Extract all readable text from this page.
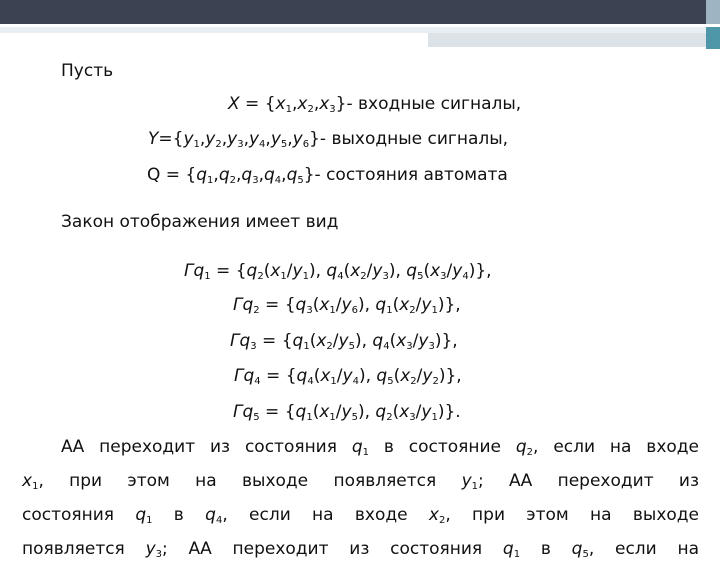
Пусть
$X = \{x_1,x_2,x_3\}-$ входные сигналы,
$Y=\{y_1,y_2,y_3,y_4,y_5,y_6\}-$ выходные сигналы,
$Q = \{q_1,q_2,q_3,q_4,q_5\}-$ состояния автомата
Закон отображения имеет вид
$\Gamma q_1 = \{q_2(x_1/y_1)$, $q_4(x_2/y_3)$, $q_5(x_3/y_4)$},
$\Gamma q_2 = \{q_3(x_1/y_6)$, $q_1(x_2/y_1)$},
$\Gamma q_3 = \{q_1(x_2/y_5)$, $q_4(x_3/y_3)$},
$\Gamma q_4 = \{q_4(x_1/y_4)$, $q_5(x_2/y_2)$},
$\Gamma q_5 = \{q_1(x_1/y_5)$, $q_2(x_3/y_1)$}.
АА переходит из состояния $q_1$ в состояние $q_2$, если на входе
$x_1$, при этом на выходе появляется $y_1$; АА переходит из
состояния $q_1$ в $q_4$, если на входе $x_2$, при этом на выходе
появляется $y_3$; АА переходит из состояния $q_1$ в $q_5$, если на
